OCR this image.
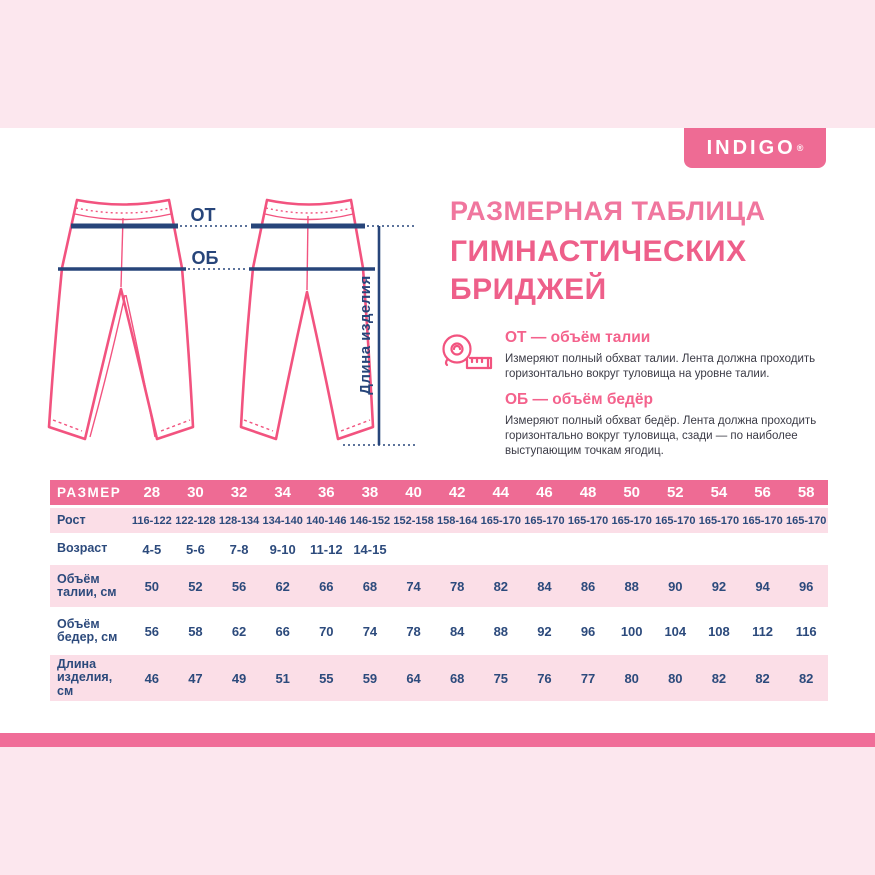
INDIGO ®
ОТ
ОБ
Длина изделия
РАЗМЕРНАЯ ТАБЛИЦА
ГИМНАСТИЧЕСКИХ БРИДЖЕЙ
ОТ — объём талии
Измеряют полный обхват талии. Лента должна проходить горизонтально вокруг туловища на уровне талии.
ОБ — объём бедёр
Измеряют полный обхват бедёр. Лента должна проходить горизонтально вокруг туловища, сзади — по наиболее выступающим точкам ягодиц.
РАЗМЕР	28	30	32	34	36	38	40	42	44	46	48	50	52	54	56	58
Рост	116-122	122-128	128-134	134-140	140-146	146-152	152-158	158-164	165-170	165-170	165-170	165-170	165-170	165-170	165-170	165-170
Возраст	4-5	5-6	7-8	9-10	11-12	14-15										
Объём талии, см	50	52	56	62	66	68	74	78	82	84	86	88	90	92	94	96
Объём бедер, см	56	58	62	66	70	74	78	84	88	92	96	100	104	108	112	116
Длина изделия, см	46	47	49	51	55	59	64	68	75	76	77	80	80	82	82	82
